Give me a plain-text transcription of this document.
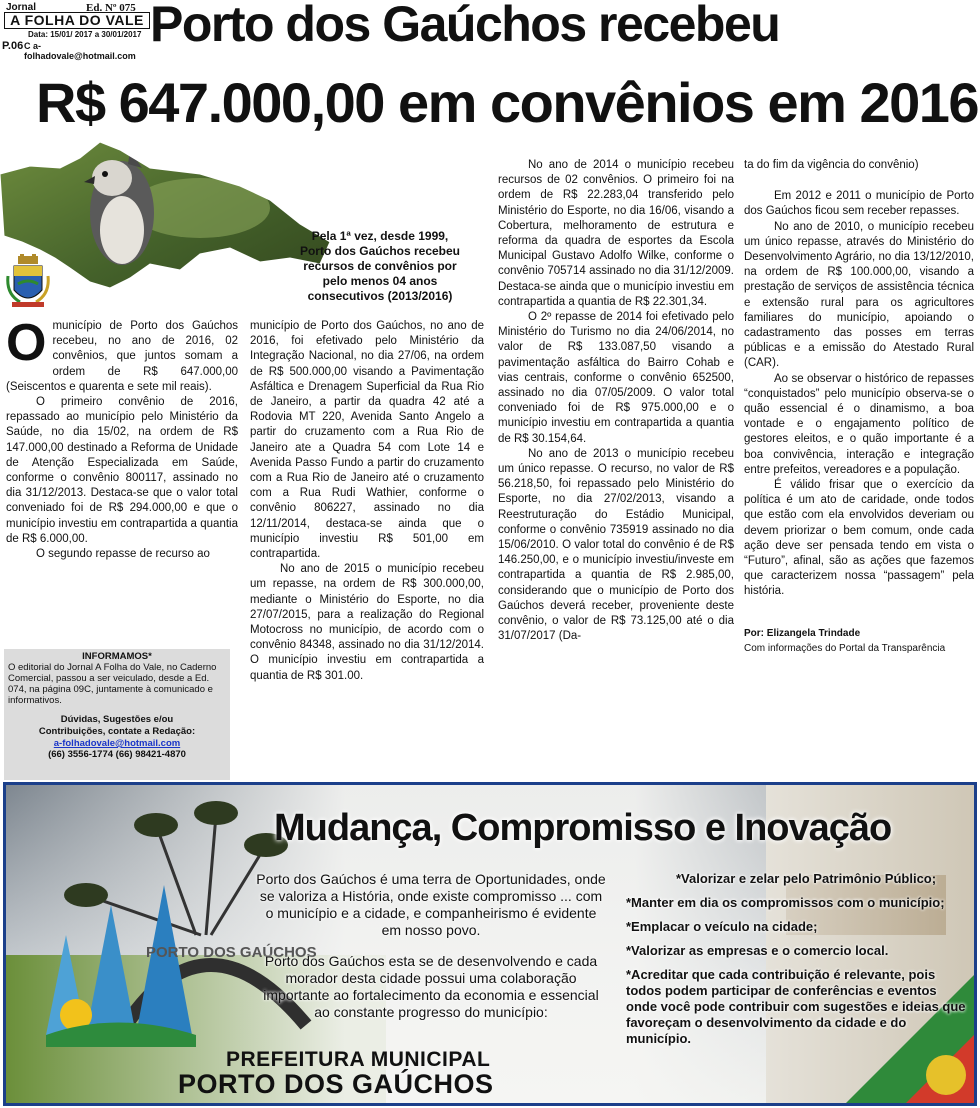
Jornal	Ed. Nº 075
A FOLHA DO VALE
Data: 15/01/ 2017 a 30/01/2017
P.06 C a-folhadovale@hotmail.com
Porto dos Gaúchos recebeu
R$ 647.000,00 em convênios em 2016
Pela 1ª vez, desde 1999, Porto dos Gaúchos recebeu recursos de convênios por pelo menos 04 anos consecutivos (2013/2016)

Omunicípio de Porto dos Gaúchos recebeu, no ano de 2016, 02 convênios, que juntos somam a ordem de R$ 647.000,00 (Seiscentos e quarenta e sete mil reais).

O primeiro convênio de 2016, repassado ao município pelo Ministério da Saúde, no dia 15/02, na ordem de R$ 147.000,00 destinado a Reforma de Unidade de Atenção Especializada em Saúde, conforme o convênio 800117, assinado no dia 31/12/2013. Destaca-se que o valor total conveniado foi de R$ 294.000,00 e que o município investiu em contrapartida a quantia de R$ 6.000,00.

O segundo repasse de recurso ao

município de Porto dos Gaúchos, no ano de 2016, foi efetivado pelo Ministério da Integração Nacional, no dia 27/06, na ordem de R$ 500.000,00 visando a Pavimentação Asfáltica e Drenagem Superficial da Rua Rio de Janeiro, a partir da quadra 42 até a Rodovia MT 220, Avenida Santo Angelo a partir do cruzamento com a Rua Rio de Janeiro ate a Quadra 54 com Lote 14 e Avenida Passo Fundo a partir do cruzamento com a Rua Rio de Janeiro até o cruzamento com a Rua Rudi Wathier, conforme o convênio 806227, assinado no dia 12/11/2014, destaca-se ainda que o município investiu R$ 501,00 em contrapartida.

No ano de 2015 o município recebeu um repasse, na ordem de R$ 300.000,00, mediante o Ministério do Esporte, no dia 27/07/2015, para a realização do Regional Motocross no município, de acordo com o convênio 84348, assinado no dia 31/12/2014. O município investiu em contrapartida a quantia de R$ 301.00.

No ano de 2014 o município recebeu recursos de 02 convênios. O primeiro foi na ordem de R$ 22.283,04 transferido pelo Ministério do Esporte, no dia 16/06, visando a Cobertura, melhoramento de estrutura e reforma da quadra de esportes da Escola Municipal Gustavo Adolfo Wilke, conforme o convênio 705714 assinado no dia 31/12/2009. Destaca-se ainda que o município investiu em contrapartida a quantia de R$ 22.301,34.

O 2º repasse de 2014 foi efetivado pelo Ministério do Turismo no dia 24/06/2014, no valor de R$ 133.087,50 visando a pavimentação asfáltica do Bairro Cohab e vias centrais, conforme o convênio 652500, assinado no dia 07/05/2009. O valor total conveniado foi de R$ 975.000,00 e o município investiu em contrapartida a quantia de R$ 30.154,64.

No ano de 2013 o município recebeu um único repasse. O recurso, no valor de R$ 56.218,50, foi repassado pelo Ministério do Esporte, no dia 27/02/2013, visando a Reestruturação do Estádio Municipal, conforme o convênio 735919 assinado no dia 15/06/2010. O valor total do convênio é de R$ 146.250,00, e o município investiu/investe em contrapartida a quantia de R$ 2.985,00, considerando que o município de Porto dos Gaúchos deverá receber, proveniente deste convênio, o valor de R$ 73.125,00 até o dia 31/07/2017 (Da-

ta do fim da vigência do convênio)

Em 2012 e 2011 o município de Porto dos Gaúchos ficou sem receber repasses.

No ano de 2010, o município recebeu um único repasse, através do Ministério do Desenvolvimento Agrário, no dia 13/12/2010, na ordem de R$ 100.000,00, visando a prestação de serviços de assistência técnica e extensão rural para os agricultores familiares do município, apoiando o cadastramento das posses em terras públicas e a emissão do Atestado Rural (CAR).

Ao se observar o histórico de repasses “conquistados” pelo município observa-se o quão essencial é o dinamismo, a boa vontade e o engajamento político de gestores eleitos, e o quão importante é a boa convivência, interação e integração entre prefeitos, vereadores e a população.

É válido frisar que o exercício da política é um ato de caridade, onde todos que estão com ela envolvidos deveriam ou devem priorizar o bem comum, onde cada ação deve ser pensada tendo em vista o “Futuro”, afinal, são as ações que fazemos que caracterizem nossa “passagem” pela história.

Por: Elizangela Trindade

Com informações do Portal da Transparência

INFORMAMOS*
O editorial do Jornal A Folha do Vale, no Caderno Comercial, passou a ser veiculado, desde a Ed. 074, na página 09C, juntamente à comunicado e informativos.
Dúvidas, Sugestões e/ou
Contribuições, contate a Redação:
a-folhadovale@hotmail.com
(66) 3556-1774 (66) 98421-4870
PORTO DOS GAÚCHOS
Mudança, Compromisso e Inovação

Porto dos Gaúchos é uma terra de Oportunidades, onde se valoriza a História, onde existe compromisso ... com o município e a cidade, e companheirismo é evidente em nosso povo.

Porto dos Gaúchos esta se de desenvolvendo e cada morador desta cidade possui uma colaboração importante ao fortalecimento da economia e essencial ao constante progresso do município:

*Valorizar e zelar pelo Patrimônio Público;
*Manter em dia os compromissos com o município;
*Emplacar o veículo na cidade;
*Valorizar as empresas e o comercio local.
*Acreditar que cada contribuição é relevante, pois todos podem participar de conferências e eventos onde você pode contribuir com sugestões e ideias que favoreçam o desenvolvimento da cidade e do município.
PREFEITURA MUNICIPAL
PORTO DOS GAÚCHOS
